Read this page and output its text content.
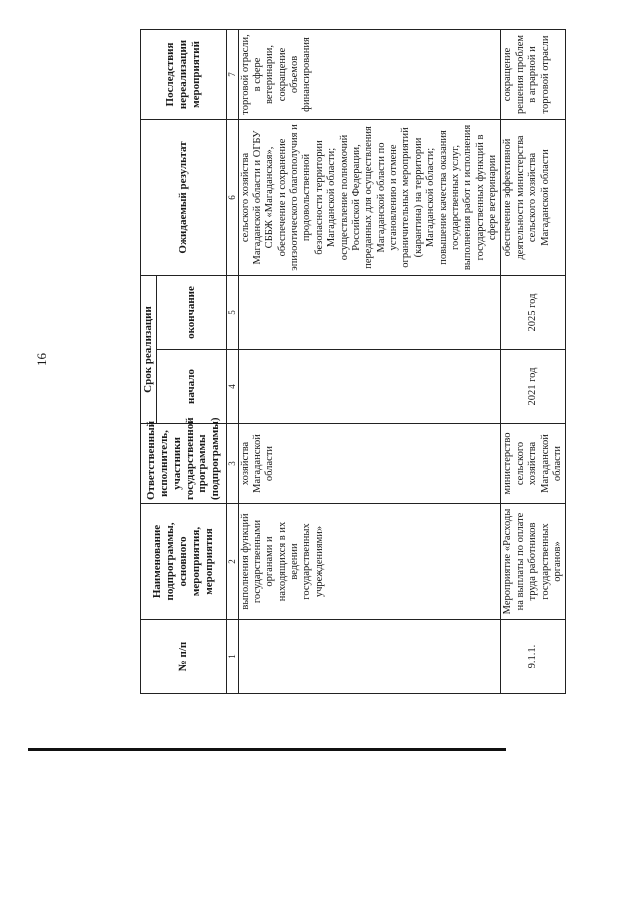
16
№ п/п	Наименование подпрограммы, основного мероприятия, мероприятия	Ответственный исполнитель, участники государственной программы (подпрограммы)	Срок реализации		Ожидаемый результат	Последствия нереализации мероприятий
			начало	окончание		
1	2	3	4	5	6	7
	выполнения функций государственными органами и находящихся в их ведении государственных учреждениями»	хозяйства Магаданской области			сельского хозяйства Магаданской области и ОГБУ СББЖ «Магаданская», обеспечение и сохранение эпизоотического благополучия и продовольственной безопасности территории Магаданской области; осуществление полномочий Российской Федерации, переданных для осуществления Магаданской области по установлению и отмене ограничительных мероприятий (карантина) на территории Магаданской области; повышение качества оказания государственных услуг, выполнения работ и исполнения государственных функций в сфере ветеринарии	торговой отрасли, в сфере ветеринарии, сокращение объемов финансирования
9.1.1.	Мероприятие «Расходы на выплаты по оплате труда работников государственных органов»	министерство сельского хозяйства Магаданской области	2021 год	2025 год	обеспечение эффективной деятельности министерства сельского хозяйства Магаданской области	сокращение решения проблем в аграрной и торговой отрасли
